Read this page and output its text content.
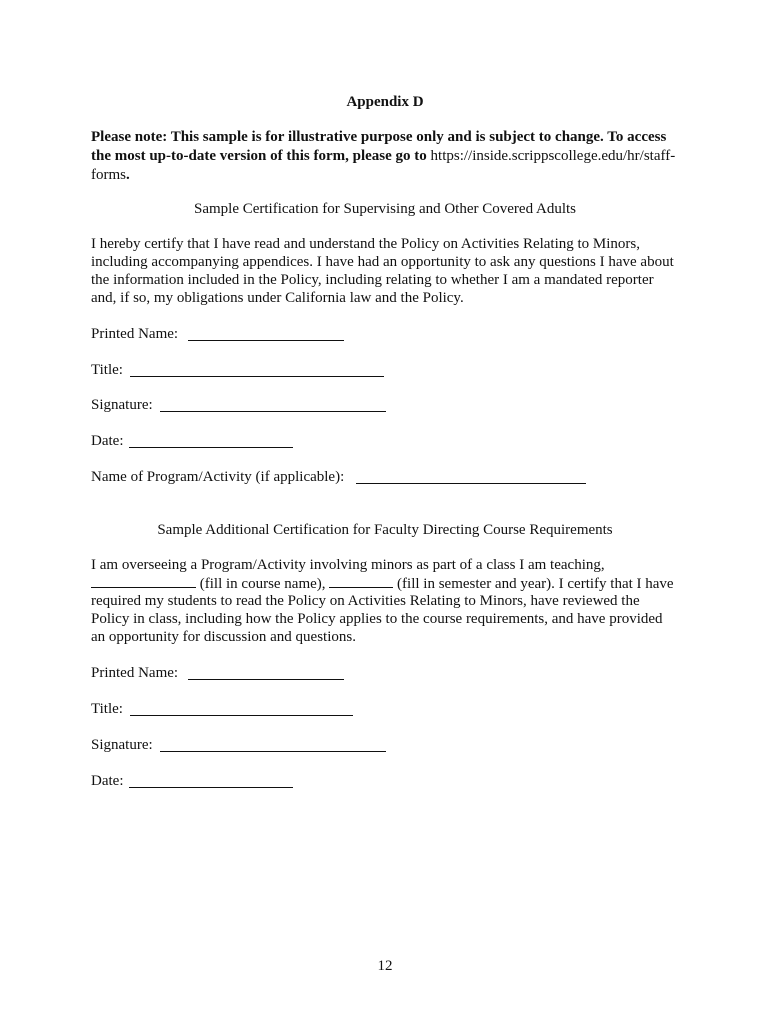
Appendix D
Please note: This sample is for illustrative purpose only and is subject to change. To access
the most up-to-date version of this form, please go to https://inside.scrippscollege.edu/hr/staff-
forms.
Sample Certification for Supervising and Other Covered Adults
I hereby certify that I have read and understand the Policy on Activities Relating to Minors,
including accompanying appendices. I have had an opportunity to ask any questions I have about
the information included in the Policy, including relating to whether I am a mandated reporter
and, if so, my obligations under California law and the Policy.
Printed Name:
Title:
Signature:
Date:
Name of Program/Activity (if applicable):
Sample Additional Certification for Faculty Directing Course Requirements
I am overseeing a Program/Activity involving minors as part of a class I am teaching,
(fill in course name),	(fill in semester and year). I certify that I have
required my students to read the Policy on Activities Relating to Minors, have reviewed the
Policy in class, including how the Policy applies to the course requirements, and have provided
an opportunity for discussion and questions.
Printed Name:
Title:
Signature:
Date:
12
